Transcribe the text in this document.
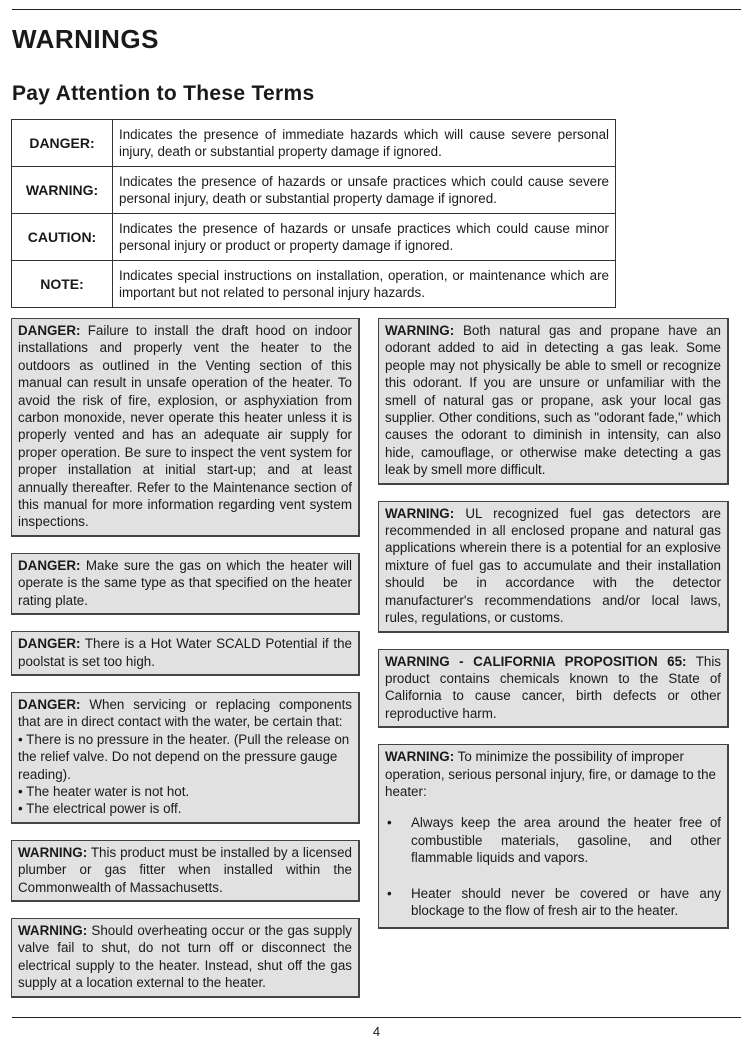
WARNINGS
Pay Attention to These Terms
DANGER:	Indicates the presence of immediate hazards which will cause severe personal injury, death or substantial property damage if ignored.
WARNING:	Indicates the presence of hazards or unsafe practices which could cause severe personal injury, death or substantial property damage if ignored.
CAUTION:	Indicates the presence of hazards or unsafe practices which could cause minor personal injury or product or property damage if ignored.
NOTE:	Indicates special instructions on installation, operation, or maintenance which are important but not related to personal injury hazards.
DANGER: Failure to install the draft hood on indoor installations and properly vent the heater to the outdoors as outlined in the Venting section of this manual can result in unsafe operation of the heater. To avoid the risk of fire, explosion, or asphyxiation from carbon monoxide, never operate this heater unless it is properly vented and has an adequate air supply for proper operation. Be sure to inspect the vent system for proper installation at initial start-up; and at least annually thereafter. Refer to the Maintenance section of this manual for more information regarding vent system inspections.
DANGER: Make sure the gas on which the heater will operate is the same type as that specified on the heater rating plate.
DANGER: There is a Hot Water SCALD Potential if the poolstat is set too high.
DANGER: When servicing or replacing components that are in direct contact with the water, be certain that:
• There is no pressure in the heater. (Pull the release on the relief valve. Do not depend on the pressure gauge reading).
• The heater water is not hot.
• The electrical power is off.
WARNING: This product must be installed by a licensed plumber or gas fitter when installed within the Commonwealth of Massachusetts.
WARNING: Should overheating occur or the gas supply valve fail to shut, do not turn off or disconnect the electrical supply to the heater. Instead, shut off the gas supply at a location external to the heater.
WARNING: Both natural gas and propane have an odorant added to aid in detecting a gas leak. Some people may not physically be able to smell or recognize this odorant. If you are unsure or unfamiliar with the smell of natural gas or propane, ask your local gas supplier. Other conditions, such as "odorant fade," which causes the odorant to diminish in intensity, can also hide, camouflage, or otherwise make detecting a gas leak by smell more difficult.
WARNING: UL recognized fuel gas detectors are recommended in all enclosed propane and natural gas applications wherein there is a potential for an explosive mixture of fuel gas to accumulate and their installation should be in accordance with the detector manufacturer's recommendations and/or local laws, rules, regulations, or customs.
WARNING - CALIFORNIA PROPOSITION 65: This product contains chemicals known to the State of California to cause cancer, birth defects or other reproductive harm.
WARNING: To minimize the possibility of improper operation, serious personal injury, fire, or damage to the heater:
• Always keep the area around the heater free of combustible materials, gasoline, and other flammable liquids and vapors.
• Heater should never be covered or have any blockage to the flow of fresh air to the heater.
4
